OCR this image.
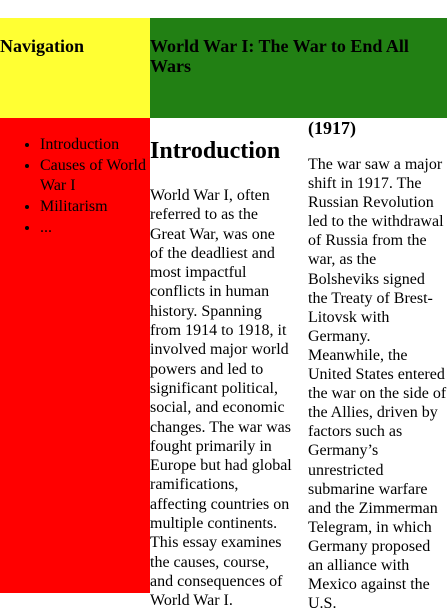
Navigation	World War I: The War to End All Wars
• Introduction
• Causes of World War I
• Militarism
• ...
Introduction

World War I, often referred to as the Great War, was one of the deadliest and most impactful conflicts in human history. Spanning from 1914 to 1918, it involved major world powers and led to significant political, social, and economic changes. The war was fought primarily in Europe but had global ramifications, affecting countries on multiple continents. This essay examines the causes, course, and consequences of World War I.

(1917)

The war saw a major shift in 1917. The Russian Revolution led to the withdrawal of Russia from the war, as the Bolsheviks signed the Treaty of Brest-Litovsk with Germany. Meanwhile, the United States entered the war on the side of the Allies, driven by factors such as Germany’s unrestricted submarine warfare and the Zimmerman Telegram, in which Germany proposed an alliance with Mexico against the U.S.
